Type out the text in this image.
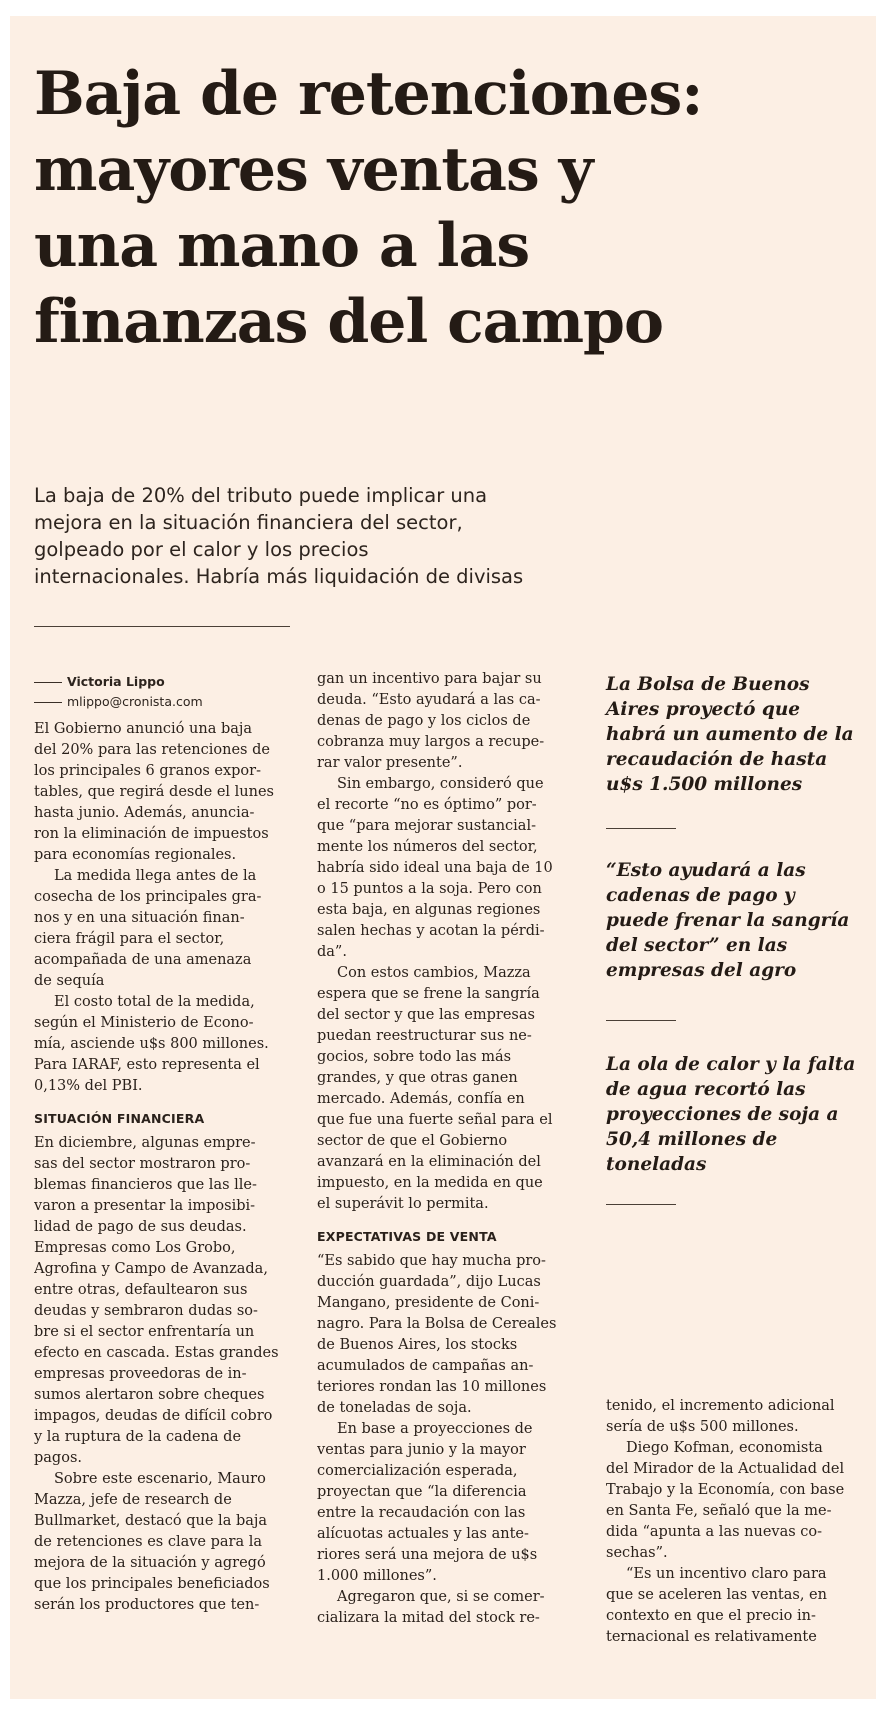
Baja de retenciones:
mayores ventas y
una mano a las
finanzas del campo

La baja de 20% del tributo puede implicar una
mejora en la situación financiera del sector,
golpeado por el calor y los precios
internacionales. Habría más liquidación de divisas

Victoria Lippo
mlippo@cronista.com

El Gobierno anunció una baja
del 20% para las retenciones de
los principales 6 granos expor-
tables, que regirá desde el lunes
hasta junio. Además, anuncia-
ron la eliminación de impuestos
para economías regionales.

La medida llega antes de la
cosecha de los principales gra-
nos y en una situación finan-
ciera frágil para el sector,
acompañada de una amenaza
de sequía

El costo total de la medida,
según el Ministerio de Econo-
mía, asciende u$s 800 millones.
Para IARAF, esto representa el
0,13% del PBI.

SITUACIÓN FINANCIERA

En diciembre, algunas empre-
sas del sector mostraron pro-
blemas financieros que las lle-
varon a presentar la imposibi-
lidad de pago de sus deudas.
Empresas como Los Grobo,
Agrofina y Campo de Avanzada,
entre otras, defaultearon sus
deudas y sembraron dudas so-
bre si el sector enfrentaría un
efecto en cascada. Estas grandes
empresas proveedoras de in-
sumos alertaron sobre cheques
impagos, deudas de difícil cobro
y la ruptura de la cadena de
pagos.

Sobre este escenario, Mauro
Mazza, jefe de research de
Bullmarket, destacó que la baja
de retenciones es clave para la
mejora de la situación y agregó
que los principales beneficiados
serán los productores que ten-

gan un incentivo para bajar su
deuda. “Esto ayudará a las ca-
denas de pago y los ciclos de
cobranza muy largos a recupe-
rar valor presente”.

Sin embargo, consideró que
el recorte “no es óptimo” por-
que “para mejorar sustancial-
mente los números del sector,
habría sido ideal una baja de 10
o 15 puntos a la soja. Pero con
esta baja, en algunas regiones
salen hechas y acotan la pérdi-
da”.

Con estos cambios, Mazza
espera que se frene la sangría
del sector y que las empresas
puedan reestructurar sus ne-
gocios, sobre todo las más
grandes, y que otras ganen
mercado. Además, confía en
que fue una fuerte señal para el
sector de que el Gobierno
avanzará en la eliminación del
impuesto, en la medida en que
el superávit lo permita.

EXPECTATIVAS DE VENTA

“Es sabido que hay mucha pro-
ducción guardada”, dijo Lucas
Mangano, presidente de Coni-
nagro. Para la Bolsa de Cereales
de Buenos Aires, los stocks
acumulados de campañas an-
teriores rondan las 10 millones
de toneladas de soja.

En base a proyecciones de
ventas para junio y la mayor
comercialización esperada,
proyectan que “la diferencia
entre la recaudación con las
alícuotas actuales y las ante-
riores será una mejora de u$s
1.000 millones”.

Agregaron que, si se comer-
cializara la mitad del stock re-

La Bolsa de Buenos
Aires proyectó que
habrá un aumento de la
recaudación de hasta
u$s 1.500 millones
“Esto ayudará a las
cadenas de pago y
puede frenar la sangría
del sector” en las
empresas del agro
La ola de calor y la falta
de agua recortó las
proyecciones de soja a
50,4 millones de
toneladas

tenido, el incremento adicional
sería de u$s 500 millones.

Diego Kofman, economista
del Mirador de la Actualidad del
Trabajo y la Economía, con base
en Santa Fe, señaló que la me-
dida “apunta a las nuevas co-
sechas”.

“Es un incentivo claro para
que se aceleren las ventas, en
contexto en que el precio in-
ternacional es relativamente
